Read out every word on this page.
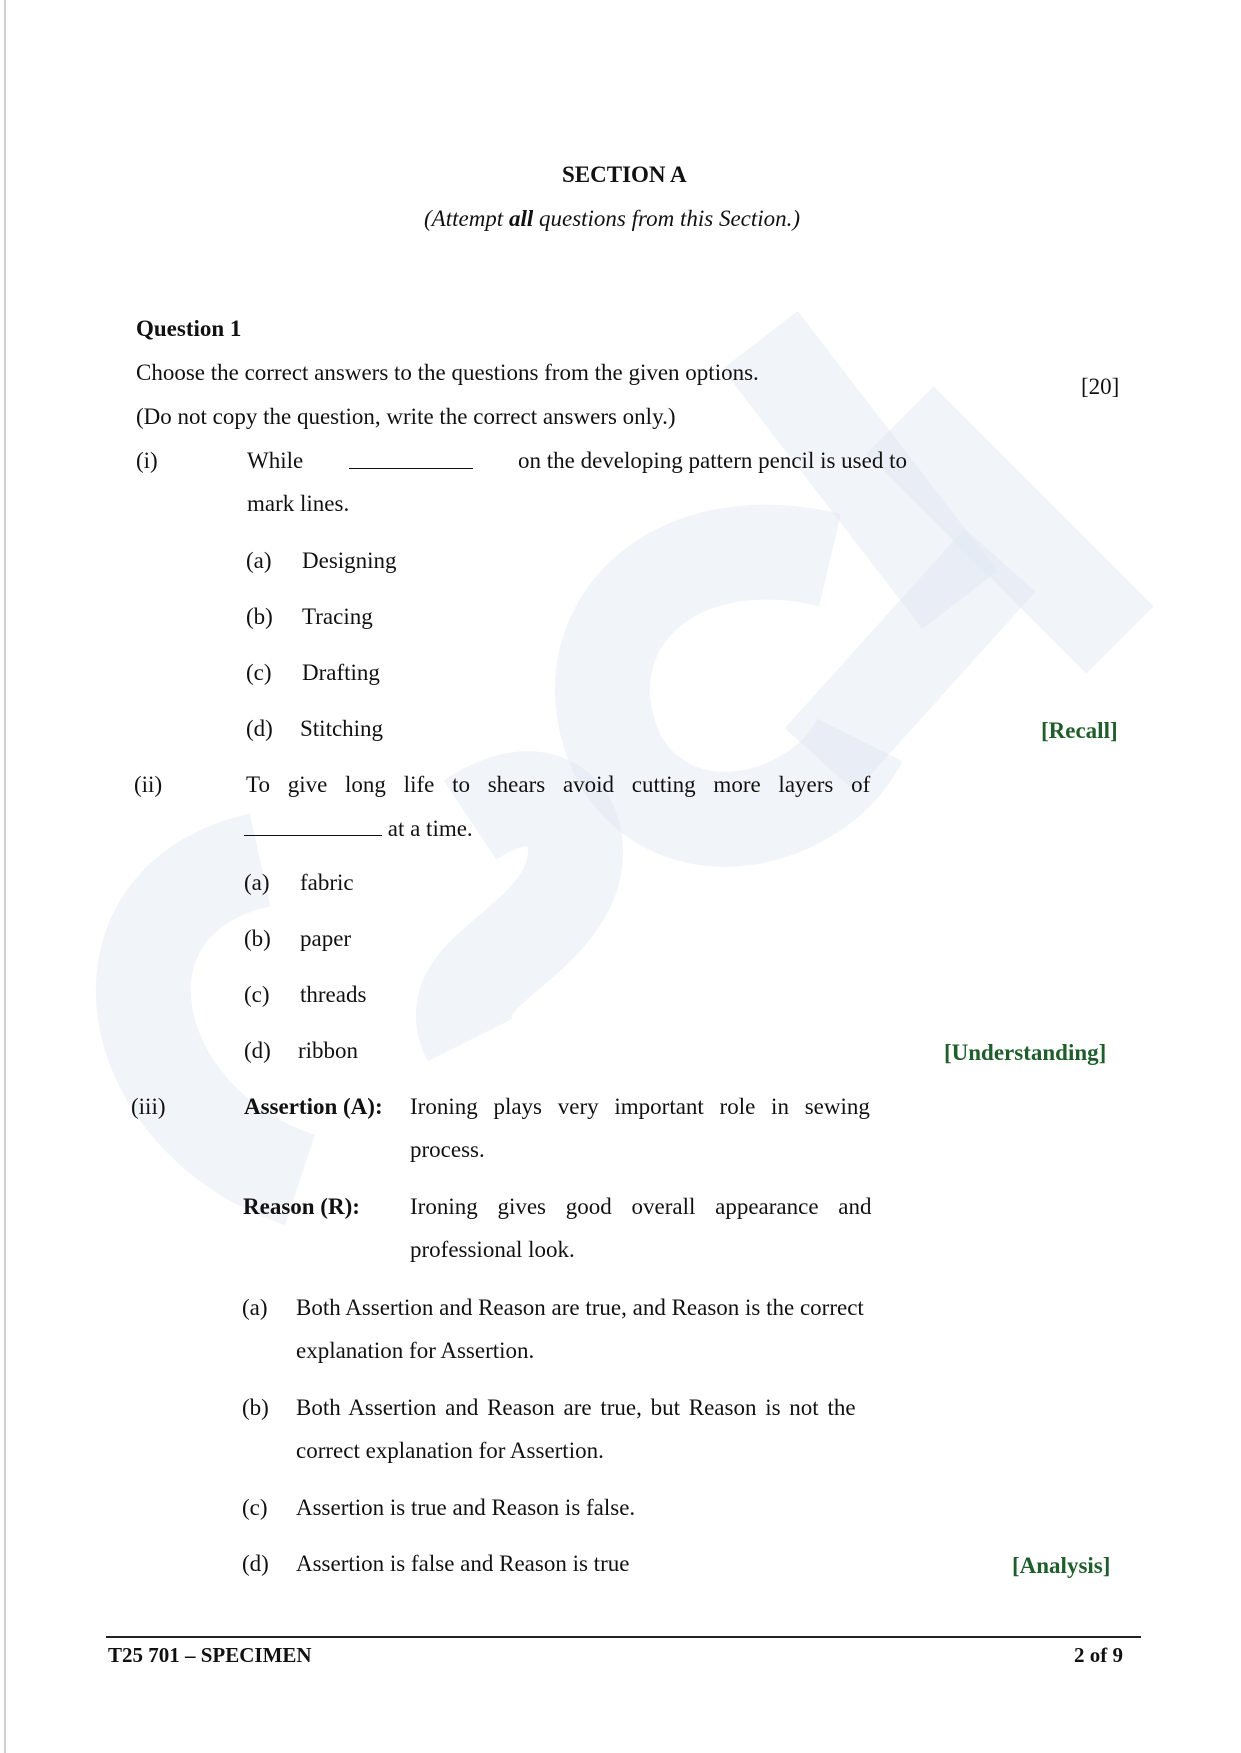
SECTION A
(Attempt all questions from this Section.)
Question 1
Choose the correct answers to the questions from the given options.
[20]
(Do not copy the question, write the correct answers only.)
(i)	While	on the developing pattern pencil is used to
mark lines.
(a) Designing
(b) Tracing
(c) Drafting
(d) Stitching	[Recall]
(ii)	To give long life to shears avoid cutting more layers of
at a time.
(a) fabric
(b) paper
(c) threads
(d) ribbon	[Understanding]
(iii)	Assertion (A): Ironing plays very important role in sewing
process.
Reason (R): Ironing gives good overall appearance and
professional look.
(a) Both Assertion and Reason are true, and Reason is the correct
explanation for Assertion.
(b) Both Assertion and Reason are true, but Reason is not the
correct explanation for Assertion.
(c) Assertion is true and Reason is false.
(d) Assertion is false and Reason is true	[Analysis]
T25 701 – SPECIMEN	2 of 9
